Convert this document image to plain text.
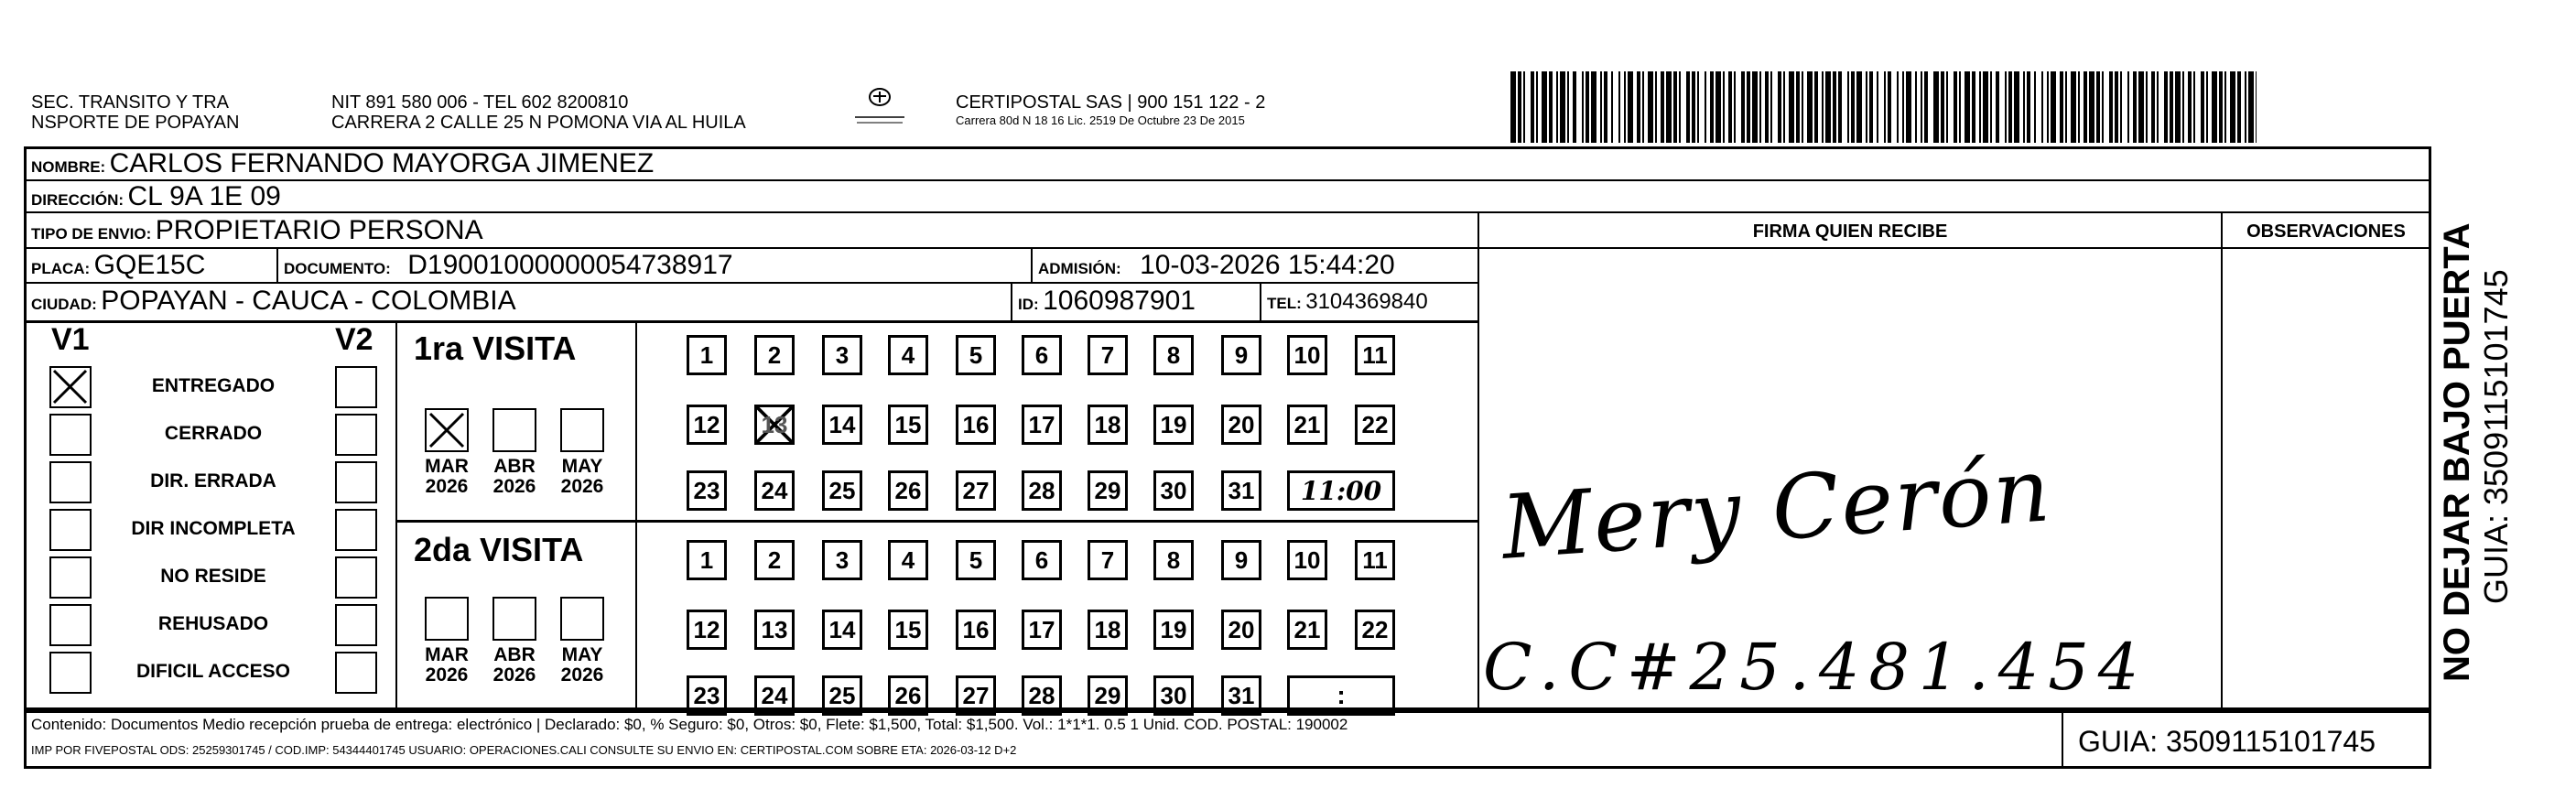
SEC. TRANSITO Y TRA
NSPORTE DE POPAYAN
NIT 891 580 006 - TEL 602 8200810
CARRERA 2 CALLE 25 N POMONA VIA AL HUILA
CERTIPOSTAL SAS | 900 151 122 - 2
Carrera 80d N 18 16 Lic. 2519 De Octubre 23 De 2015
NOMBRE: CARLOS FERNANDO MAYORGA JIMENEZ
DIRECCIÓN: CL 9A 1E 09
TIPO DE ENVIO: PROPIETARIO PERSONA
PLACA: GQE15C	DOCUMENTO: D19001000000054738917	ADMISIÓN: 10-03-2026 15:44:20
CIUDAD: POPAYAN - CAUCA - COLOMBIA	ID: 1060987901	TEL: 3104369840
FIRMA QUIEN RECIBE	OBSERVACIONES
V1	V2
ENTREGADO
CERRADO
DIR. ERRADA
DIR INCOMPLETA
NO RESIDE
REHUSADO
DIFICIL ACCESO
1ra VISITA
2da VISITA
MAR
2026
ABR
2026
MAY
2026
MAR
2026
ABR
2026
MAY
2026
1	2	3	4	5	6	7	8	9	10	11
12 13 14 15 16 17 18 19 20 21 22
23 24 25 26 27 28 29 30 31	11:00
1	2	3	4	5	6	7	8	9	10	11
12 13 14 15 16 17 18 19 20 21 22
23 24 25 26 27 28 29 30 31	:
Mery Cerón
C.C#25.481.454	NO DEJAR BAJO PUERTA GUIA: 3509115101745
Contenido: Documentos Medio recepción prueba de entrega: electrónico | Declarado: $0, % Seguro: $0, Otros: $0, Flete: $1,500, Total: $1,500. Vol.: 1*1*1. 0.5 1 Unid. COD. POSTAL: 190002
IMP POR FIVEPOSTAL ODS: 25259301745 / COD.IMP: 54344401745 USUARIO: OPERACIONES.CALI CONSULTE SU ENVIO EN: CERTIPOSTAL.COM SOBRE ETA: 2026-03-12 D+2	GUIA: 3509115101745
